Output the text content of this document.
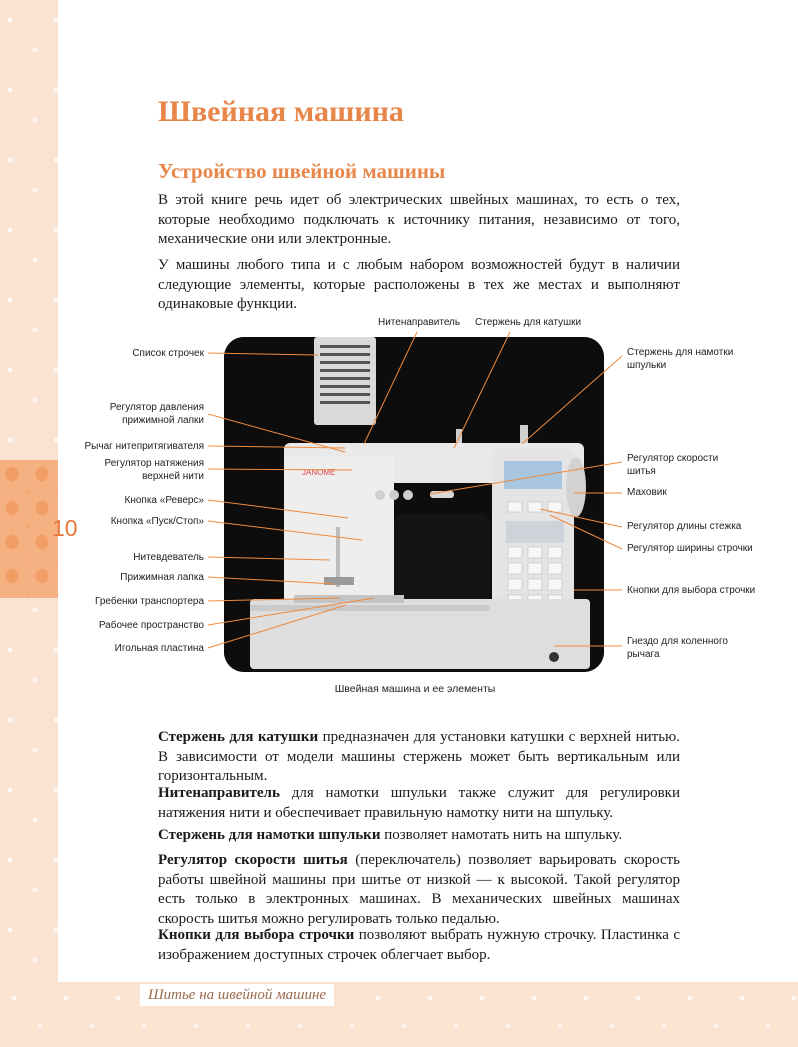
10
Шитье на швейной машине
Швейная машина
Устройство швейной машины

В этой книге речь идет об электрических швейных машинах, то есть о тех, которые необходимо подключать к источнику питания, независимо от того, механические они или электронные.

У машины любого типа и с любым набором возможностей будут в наличии следующие элементы, которые расположены в тех же местах и выполняют одинаковые функции.

JANOME
Список строчек
Регулятор давления прижимной лапки
Рычаг нитепритягивателя
Регулятор натяжения верхней нити
Кнопка «Реверс»
Кнопка «Пуск/Стоп»
Нитевдеватель
Прижимная лапка
Гребенки транспортера
Рабочее пространство
Игольная пластина
Нитенаправитель Стержень для катушки
Стержень для намотки шпульки
Регулятор скорости шитья
Маховик
Регулятор длины стежка
Регулятор ширины строчки
Кнопки для выбора строчки
Гнездо для коленного рычага
Швейная машина и ее элементы

Стержень для катушки предназначен для установки катушки с верхней нитью. В зависимости от модели машины стержень может быть вертикальным или горизонтальным.

Нитенаправитель для намотки шпульки также служит для регулировки натяжения нити и обеспечивает правильную намотку нити на шпульку.

Стержень для намотки шпульки позволяет намотать нить на шпульку.

Регулятор скорости шитья (переключатель) позволяет варьировать скорость работы швейной машины при шитье от низкой — к высокой. Такой регулятор есть только в электронных машинах. В механических швейных машинах скорость шитья можно регулировать только педалью.

Кнопки для выбора строчки позволяют выбрать нужную строчку. Пластинка с изображением доступных строчек облегчает выбор.
